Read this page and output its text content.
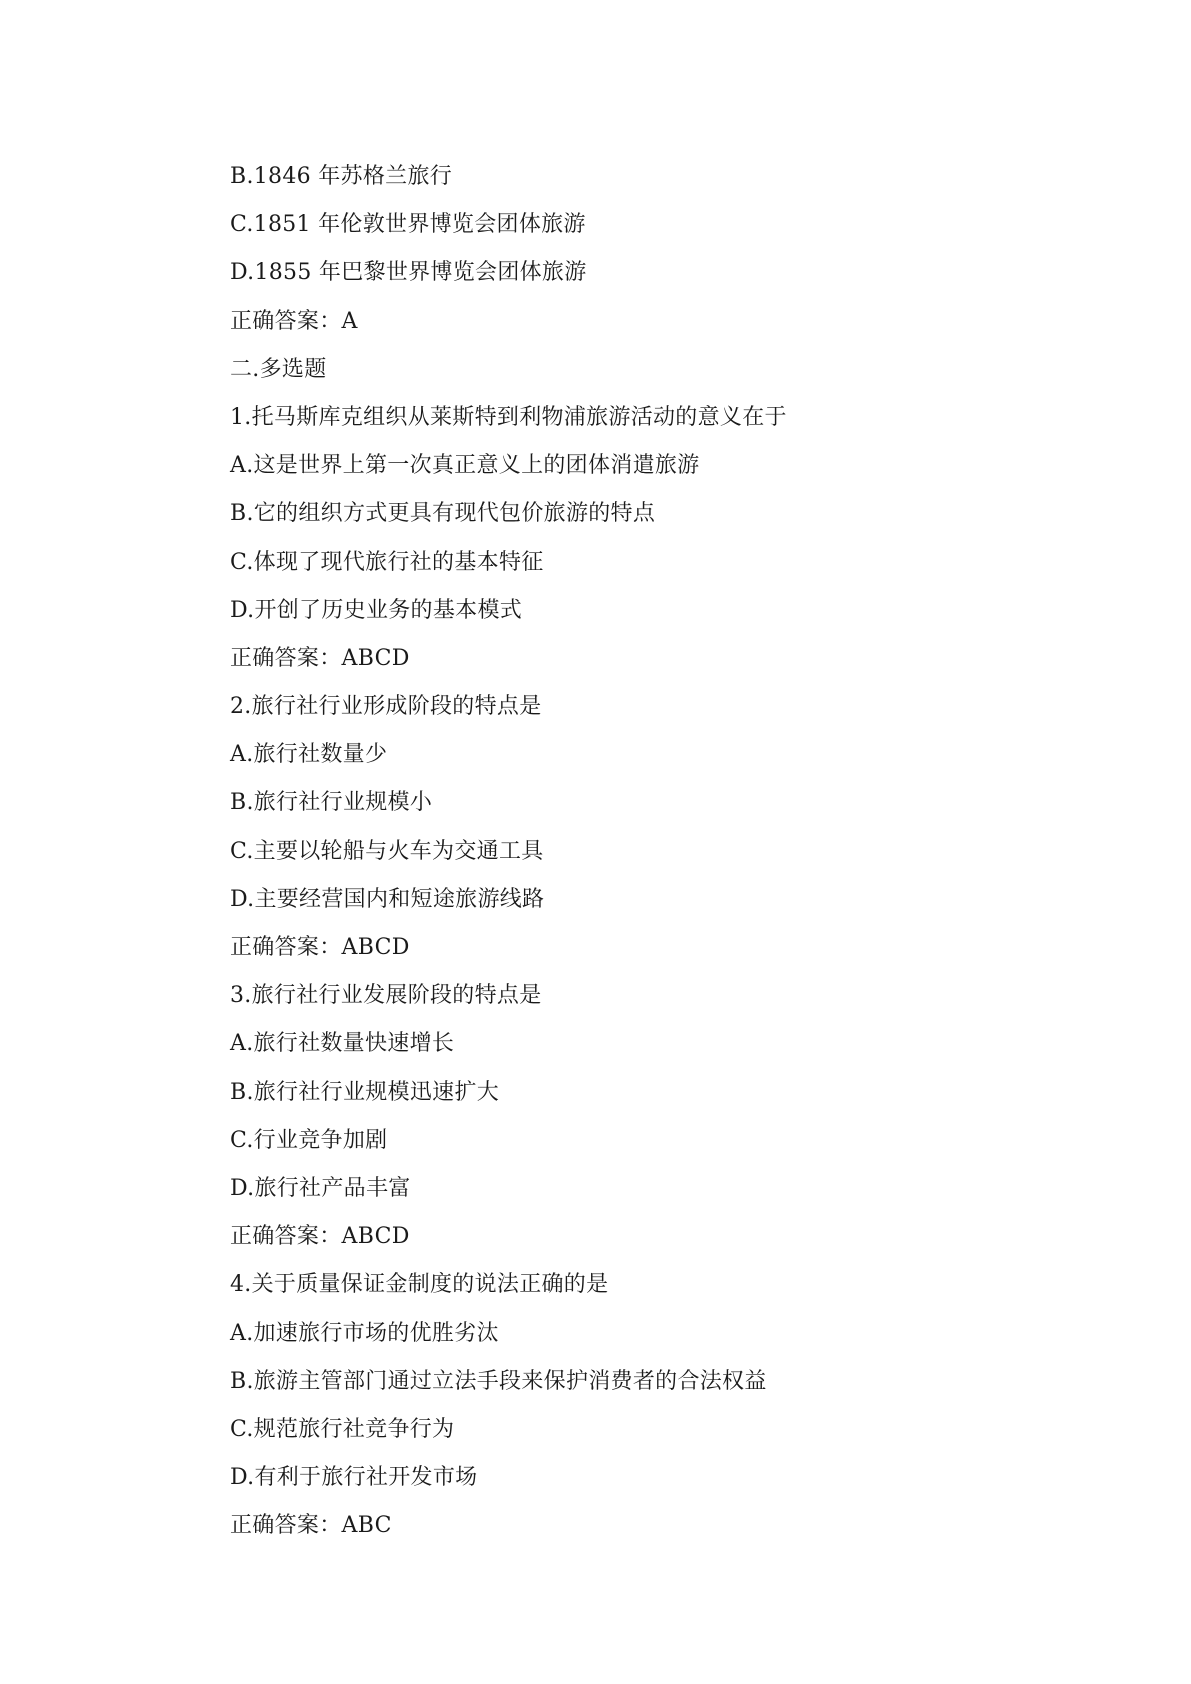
B.1846 年苏格兰旅行
C.1851 年伦敦世界博览会团体旅游
D.1855 年巴黎世界博览会团体旅游
正确答案：A
二.多选题
1.托马斯库克组织从莱斯特到利物浦旅游活动的意义在于
A.这是世界上第一次真正意义上的团体消遣旅游
B.它的组织方式更具有现代包价旅游的特点
C.体现了现代旅行社的基本特征
D.开创了历史业务的基本模式
正确答案：ABCD
2.旅行社行业形成阶段的特点是
A.旅行社数量少
B.旅行社行业规模小
C.主要以轮船与火车为交通工具
D.主要经营国内和短途旅游线路
正确答案：ABCD
3.旅行社行业发展阶段的特点是
A.旅行社数量快速增长
B.旅行社行业规模迅速扩大
C.行业竞争加剧
D.旅行社产品丰富
正确答案：ABCD
4.关于质量保证金制度的说法正确的是
A.加速旅行市场的优胜劣汰
B.旅游主管部门通过立法手段来保护消费者的合法权益
C.规范旅行社竞争行为
D.有利于旅行社开发市场
正确答案：ABC
